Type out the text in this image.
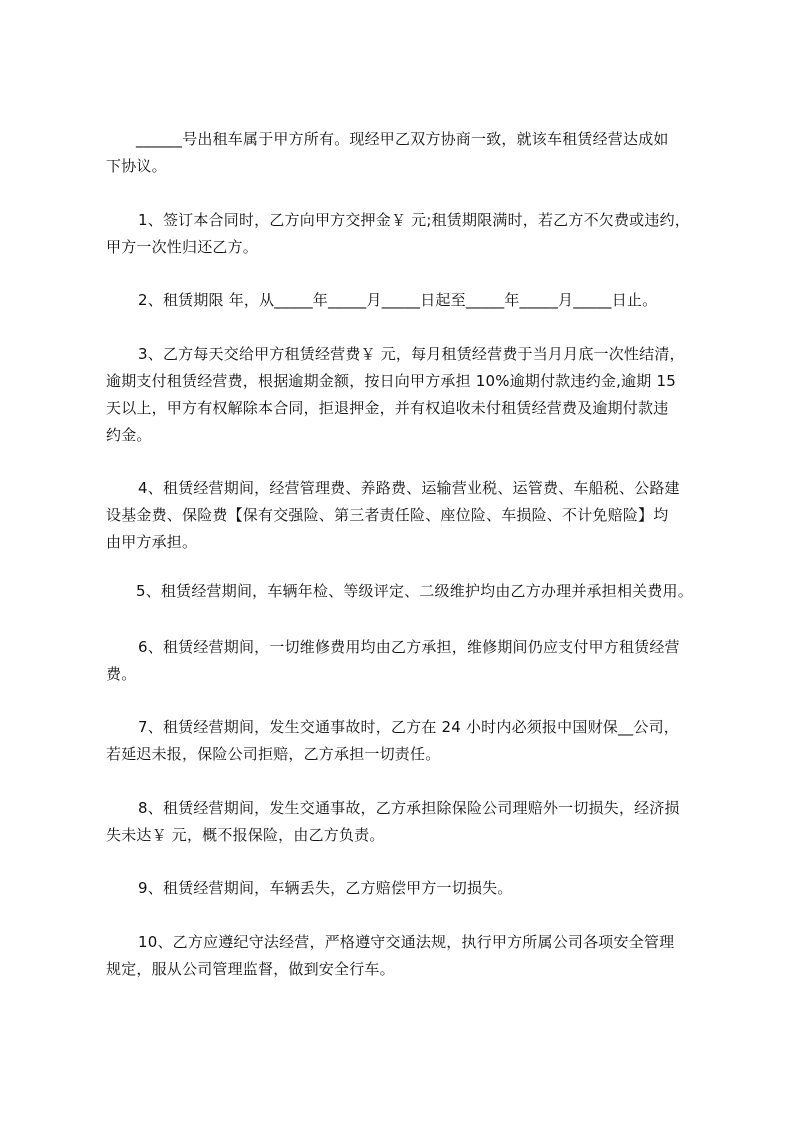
______号出租车属于甲方所有。现经甲乙双方协商一致，就该车租赁经营达成如
下协议。
1、签订本合同时，乙方向甲方交押金￥ 元;租赁期限满时，若乙方不欠费或违约，
甲方一次性归还乙方。
2、租赁期限 年，从_____年_____月_____日起至_____年_____月_____日止。
3、乙方每天交给甲方租赁经营费￥ 元，每月租赁经营费于当月月底一次性结清，
逾期支付租赁经营费，根据逾期金额，按日向甲方承担 10%逾期付款违约金,逾期 15
天以上，甲方有权解除本合同，拒退押金，并有权追收未付租赁经营费及逾期付款违
约金。
4、租赁经营期间，经营管理费、养路费、运输营业税、运管费、车船税、公路建
设基金费、保险费【保有交强险、第三者责任险、座位险、车损险、不计免赔险】均
由甲方承担。
5、租赁经营期间，车辆年检、等级评定、二级维护均由乙方办理并承担相关费用。
6、租赁经营期间，一切维修费用均由乙方承担，维修期间仍应支付甲方租赁经营
费。
7、租赁经营期间，发生交通事故时，乙方在 24 小时内必须报中国财保__公司，
若延迟未报，保险公司拒赔，乙方承担一切责任。
8、租赁经营期间，发生交通事故，乙方承担除保险公司理赔外一切损失，经济损
失未达￥ 元，概不报保险，由乙方负责。
9、租赁经营期间，车辆丢失，乙方赔偿甲方一切损失。
10、乙方应遵纪守法经营，严格遵守交通法规，执行甲方所属公司各项安全管理
规定，服从公司管理监督，做到安全行车。
